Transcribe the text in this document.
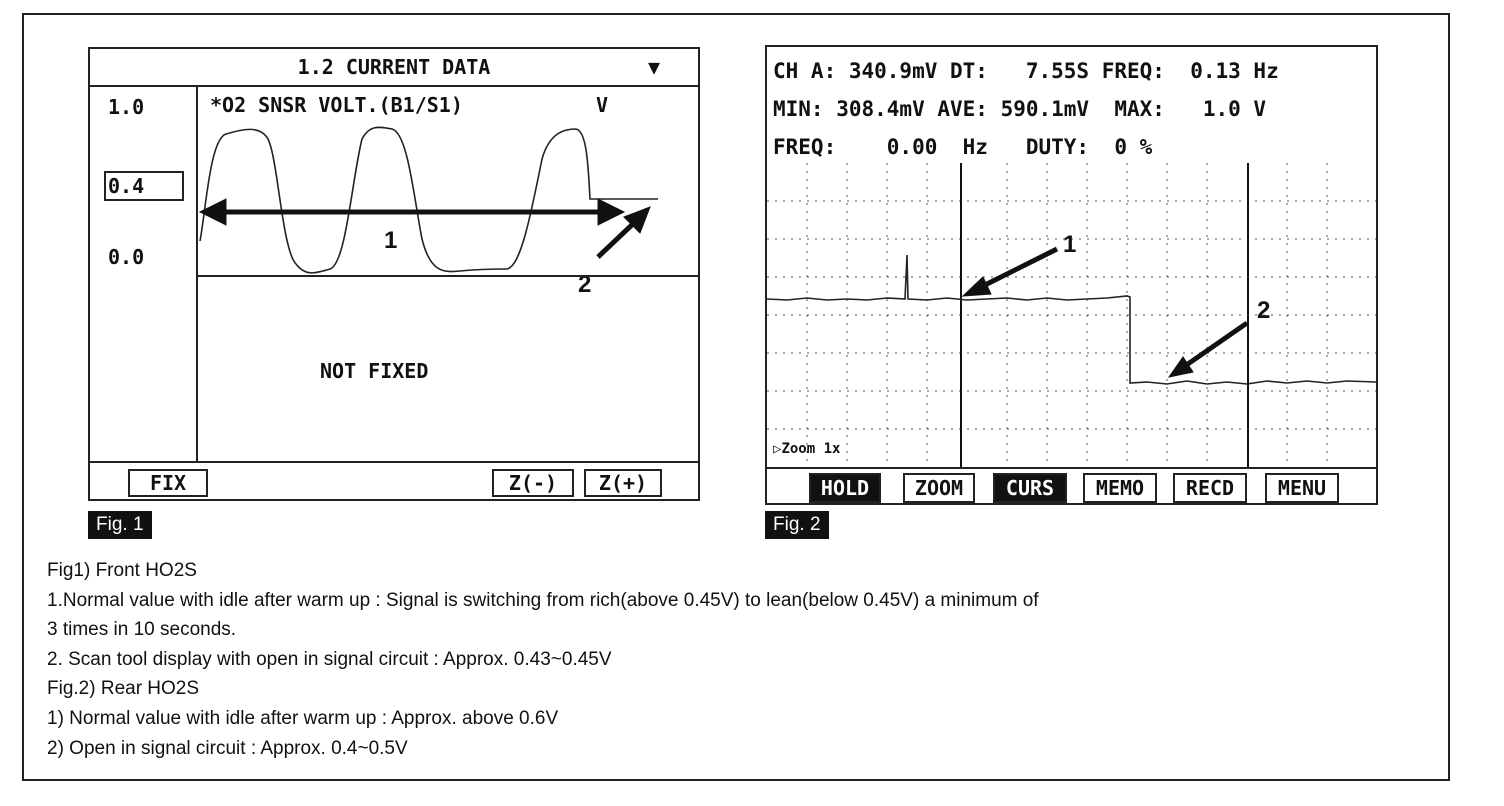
1.2 CURRENT DATA	▼
1.0
0.4
0.0
*O2 SNSR VOLT.(B1/S1)	V
1
2
NOT FIXED
FIX	Z(-)	Z(+)
Fig. 1
CH A: 340.9mV DT:   7.55S FREQ:  0.13 Hz
MIN: 308.4mV AVE: 590.1mV  MAX:   1.0 V
FREQ:    0.00  Hz   DUTY:  0 %
1
2
▷Zoom 1x
HOLD	ZOOM	CURS	MEMO	RECD	MENU
Fig. 2
Fig1) Front HO2S
1.Normal value with idle after warm up : Signal is switching from rich(above 0.45V) to lean(below 0.45V) a minimum of
3 times in 10 seconds.
2. Scan tool display with open in signal circuit : Approx. 0.43~0.45V
Fig.2) Rear HO2S
1) Normal value with idle after warm up : Approx. above 0.6V
2) Open in signal circuit : Approx. 0.4~0.5V
